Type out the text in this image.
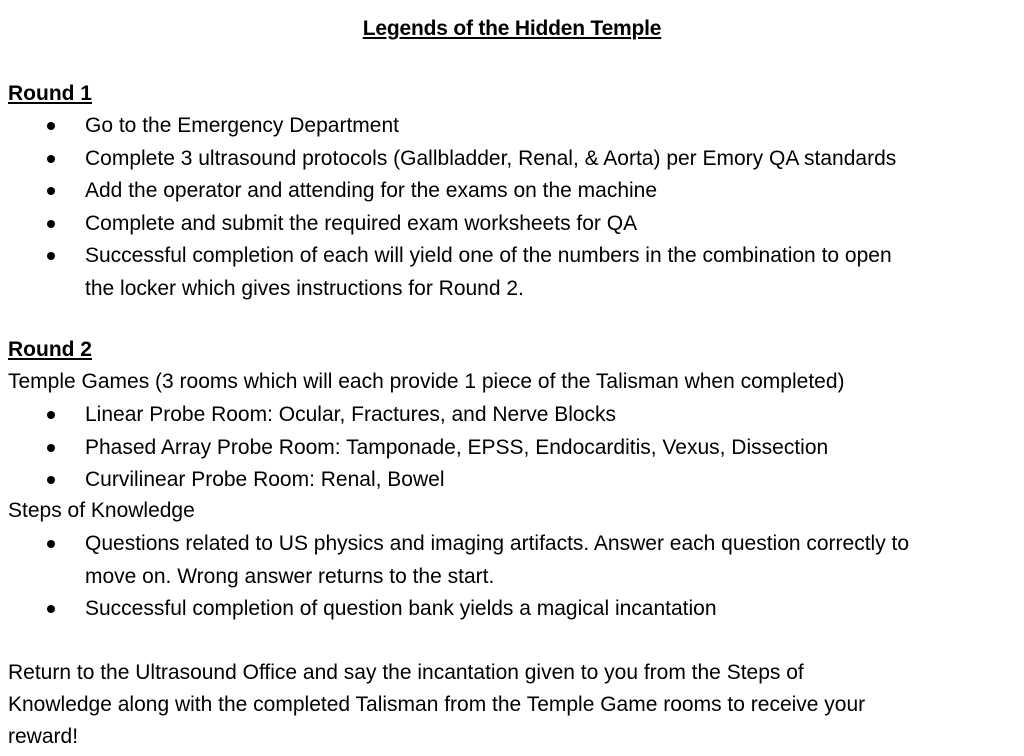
Legends of the Hidden Temple
Round 1
Go to the Emergency Department
Complete 3 ultrasound protocols (Gallbladder, Renal, & Aorta) per Emory QA standards
Add the operator and attending for the exams on the machine
Complete and submit the required exam worksheets for QA
Successful completion of each will yield one of the numbers in the combination to open
the locker which gives instructions for Round 2.
Round 2
Temple Games (3 rooms which will each provide 1 piece of the Talisman when completed)
Linear Probe Room: Ocular, Fractures, and Nerve Blocks
Phased Array Probe Room: Tamponade, EPSS, Endocarditis, Vexus, Dissection
Curvilinear Probe Room: Renal, Bowel
Steps of Knowledge
Questions related to US physics and imaging artifacts. Answer each question correctly to
move on. Wrong answer returns to the start.
Successful completion of question bank yields a magical incantation
Return to the Ultrasound Office and say the incantation given to you from the Steps of
Knowledge along with the completed Talisman from the Temple Game rooms to receive your
reward!
